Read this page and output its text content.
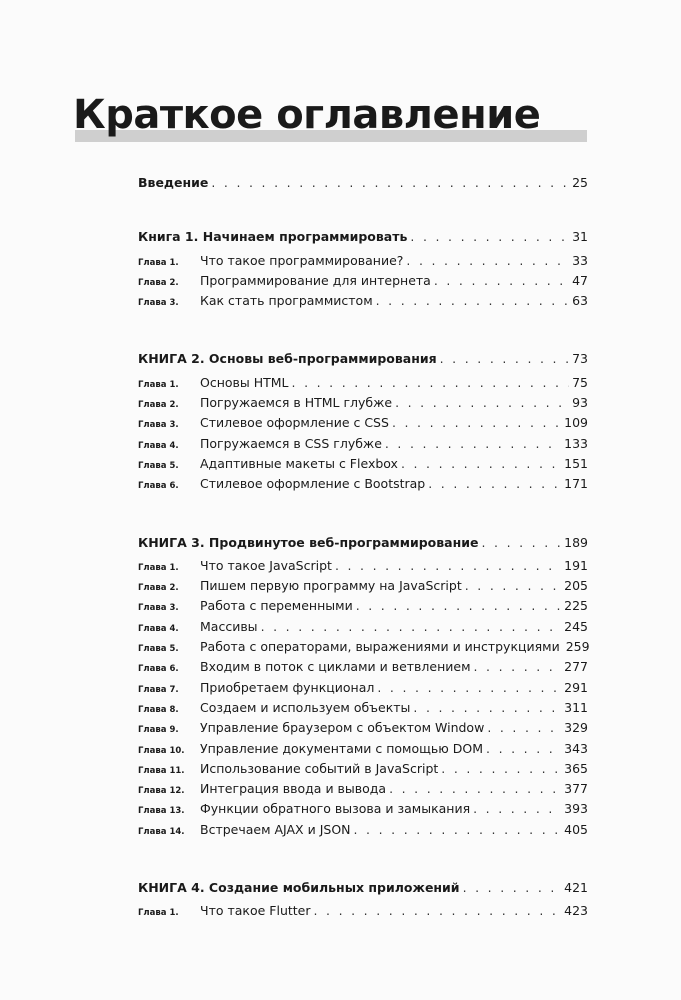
Краткое оглавление
Введение . . .	25
Книга 1. Начинаем программировать . . .	31
Глава 1.	Что такое программирование? . . .	33
Глава 2.	Программирование для интернета . . .	47
Глава 3.	Как стать программистом . . .	63
КНИГА 2. Основы веб-программирования . . .	73
Глава 1.	Основы HTML . . .	75
Глава 2.	Погружаемся в HTML глубже . . .	93
Глава 3.	Стилевое оформление с CSS . . .	109
Глава 4.	Погружаемся в CSS глубже . . .	133
Глава 5.	Адаптивные макеты с Flexbox . . .	151
Глава 6.	Стилевое оформление с Bootstrap . . .	171
КНИГА 3. Продвинутое веб-программирование . . .	189
Глава 1.	Что такое JavaScript . . .	191
Глава 2.	Пишем первую программу на JavaScript . . .	205
Глава 3.	Работа с переменными . . .	225
Глава 4.	Массивы . . .	245
Глава 5.	Работа с операторами, выражениями и инструкциями 259
Глава 6.	Входим в поток с циклами и ветвлением . . .	277
Глава 7.	Приобретаем функционал . . .	291
Глава 8.	Создаем и используем объекты . . .	311
Глава 9.	Управление браузером с объектом Window . . .	329
Глава 10.	Управление документами с помощью DOM . . .	343
Глава 11.	Использование событий в JavaScript . . .	365
Глава 12.	Интеграция ввода и вывода . . .	377
Глава 13.	Функции обратного вызова и замыкания . . .	393
Глава 14.	Встречаем AJAX и JSON . . .	405
КНИГА 4. Создание мобильных приложений . . .	421
Глава 1.	Что такое Flutter . . .	423
